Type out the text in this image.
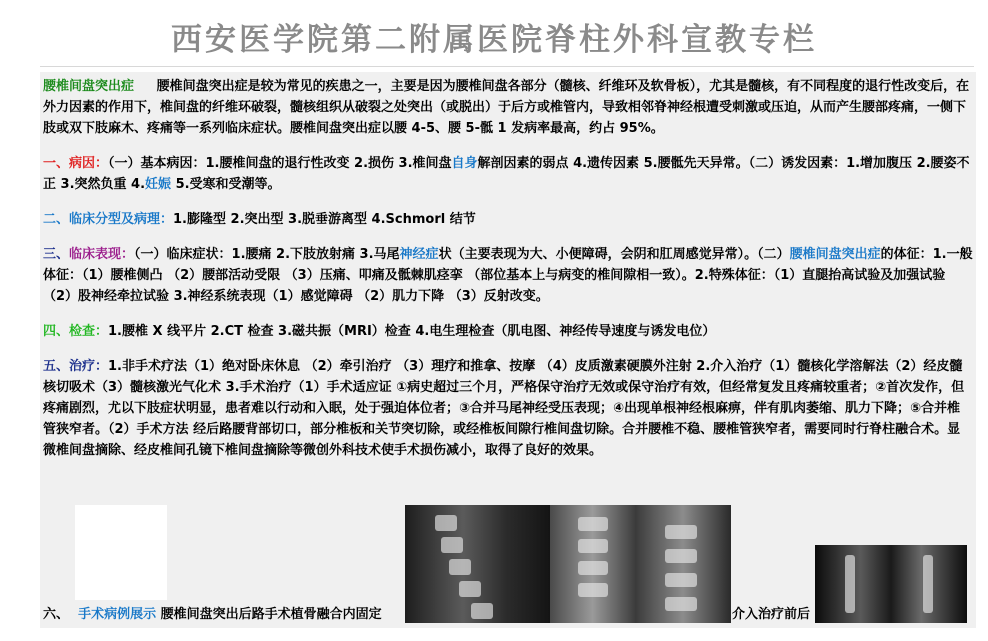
西安医学院第二附属医院脊柱外科宣教专栏

腰椎间盘突出症 腰椎间盘突出症是较为常见的疾患之一，主要是因为腰椎间盘各部分（髓核、纤维环及软骨板），尤其是髓核，有不同程度的退行性改变后，在外力因素的作用下，椎间盘的纤维环破裂，髓核组织从破裂之处突出（或脱出）于后方或椎管内，导致相邻脊神经根遭受刺激或压迫，从而产生腰部疼痛，一侧下肢或双下肢麻木、疼痛等一系列临床症状。腰椎间盘突出症以腰 4-5、腰 5-骶 1 发病率最高，约占 95%。

一、病因：（一）基本病因：1.腰椎间盘的退行性改变 2.损伤 3.椎间盘自身解剖因素的弱点 4.遗传因素 5.腰骶先天异常。（二）诱发因素：1.增加腹压 2.腰姿不正 3.突然负重 4.妊娠 5.受寒和受潮等。

二、临床分型及病理：1.膨隆型 2.突出型 3.脱垂游离型 4.Schmorl 结节

三、临床表现：（一）临床症状：1.腰痛 2.下肢放射痛 3.马尾神经症状（主要表现为大、小便障碍，会阴和肛周感觉异常）。（二）腰椎间盘突出症的体征：1.一般体征：（1）腰椎侧凸 （2）腰部活动受限 （3）压痛、叩痛及骶棘肌痉挛 （部位基本上与病变的椎间隙相一致）。2.特殊体征：（1）直腿抬高试验及加强试验 （2）股神经牵拉试验 3.神经系统表现（1）感觉障碍 （2）肌力下降 （3）反射改变。

四、检查：1.腰椎 X 线平片 2.CT 检查 3.磁共振（MRI）检查 4.电生理检查（肌电图、神经传导速度与诱发电位）

五、治疗：1.非手术疗法（1）绝对卧床休息 （2）牵引治疗 （3）理疗和推拿、按摩 （4）皮质激素硬膜外注射 2.介入治疗（1）髓核化学溶解法（2）经皮髓核切吸术（3）髓核激光气化术 3.手术治疗（1）手术适应证 ①病史超过三个月，严格保守治疗无效或保守治疗有效，但经常复发且疼痛较重者；②首次发作，但疼痛剧烈，尤以下肢症状明显，患者难以行动和入眠，处于强迫体位者；③合并马尾神经受压表现；④出现单根神经根麻痹，伴有肌肉萎缩、肌力下降；⑤合并椎管狭窄者。（2）手术方法 经后路腰背部切口，部分椎板和关节突切除，或经椎板间隙行椎间盘切除。合并腰椎不稳、腰椎管狭窄者，需要同时行脊柱融合术。显微椎间盘摘除、经皮椎间孔镜下椎间盘摘除等微创外科技术使手术损伤减小，取得了良好的效果。

六、 手术病例展示 腰椎间盘突出后路手术植骨融合内固定	介入治疗前后
